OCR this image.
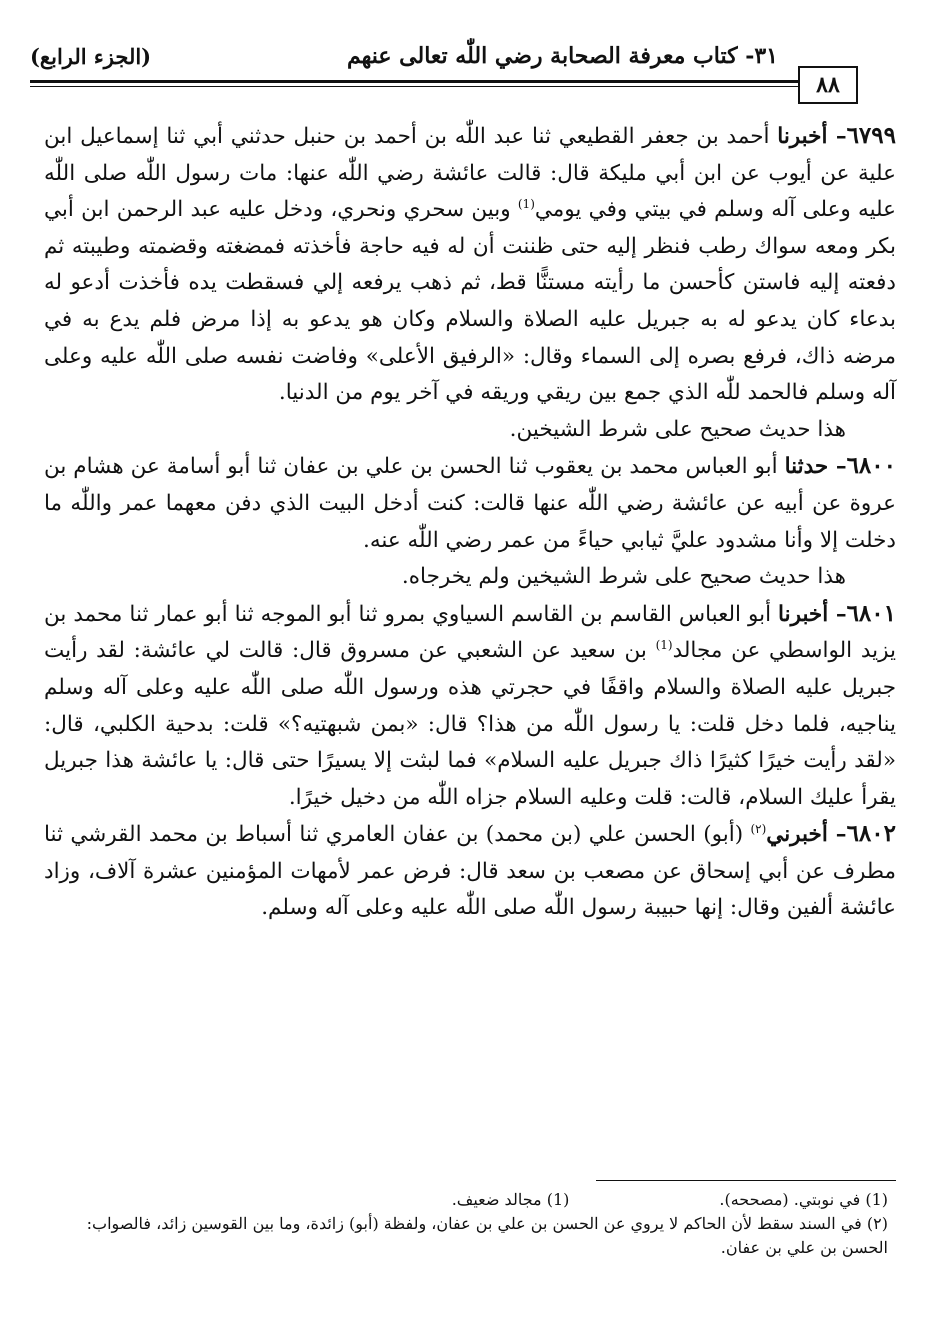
٣١- كتاب معرفة الصحابة رضي اللّٰه تعالى عنهم
(الجزء الرابع)
٨٨

٦٧٩٩– أخبرنا أحمد بن جعفر القطيعي ثنا عبد اللّٰه بن أحمد بن حنبل حدثني أبي ثنا إسماعيل ابن علية عن أيوب عن ابن أبي مليكة قال: قالت عائشة رضي اللّٰه عنها: مات رسول اللّٰه صلى اللّٰه عليه وعلى آله وسلم في بيتي وفي يومي$^{(1)}$ وبين سحري ونحري، ودخل عليه عبد الرحمن ابن أبي بكر ومعه سواك رطب فنظر إليه حتى ظننت أن له فيه حاجة فأخذته فمضغته وقضمته وطيبته ثم دفعته إليه فاستن كأحسن ما رأيته مستنًّا قط، ثم ذهب يرفعه إلي فسقطت يده فأخذت أدعو له بدعاء كان يدعو له به جبريل عليه الصلاة والسلام وكان هو يدعو به إذا مرض فلم يدع به في مرضه ذاك، فرفع بصره إلى السماء وقال: «الرفيق الأعلى» وفاضت نفسه صلى اللّٰه عليه وعلى آله وسلم فالحمد للّٰه الذي جمع بين ريقي وريقه في آخر يوم من الدنيا.

هذا حديث صحيح على شرط الشيخين.

٦٨٠٠– حدثنا أبو العباس محمد بن يعقوب ثنا الحسن بن علي بن عفان ثنا أبو أسامة عن هشام بن عروة عن أبيه عن عائشة رضي اللّٰه عنها قالت: كنت أدخل البيت الذي دفن معهما عمر واللّٰه ما دخلت إلا وأنا مشدود عليَّ ثيابي حياءً من عمر رضي اللّٰه عنه.

هذا حديث صحيح على شرط الشيخين ولم يخرجاه.

٦٨٠١– أخبرنا أبو العباس القاسم بن القاسم السياوي بمرو ثنا أبو الموجه ثنا أبو عمار ثنا محمد بن يزيد الواسطي عن مجالد$^{(1)}$ بن سعيد عن الشعبي عن مسروق قال: قالت لي عائشة: لقد رأيت جبريل عليه الصلاة والسلام واقفًا في حجرتي هذه ورسول اللّٰه صلى اللّٰه عليه وعلى آله وسلم يناجيه، فلما دخل قلت: يا رسول اللّٰه من هذا؟ قال: «بمن شبهتيه؟» قلت: بدحية الكلبي، قال: «لقد رأيت خيرًا كثيرًا ذاك جبريل عليه السلام» فما لبثت إلا يسيرًا حتى قال: يا عائشة هذا جبريل يقرأ عليك السلام، قالت: قلت وعليه السلام جزاه اللّٰه من دخيل خيرًا.

٦٨٠٢– أخبرني$^{(٢)}$ (أبو) الحسن علي (بن محمد) بن عفان العامري ثنا أسباط بن محمد القرشي ثنا مطرف عن أبي إسحاق عن مصعب بن سعد قال: فرض عمر لأمهات المؤمنين عشرة آلاف، وزاد عائشة ألفين وقال: إنها حبيبة رسول اللّٰه صلى اللّٰه عليه وعلى آله وسلم.

(1) في نوبتي. (مصححه).
(1) مجالد ضعيف.

(٢) في السند سقط لأن الحاكم لا يروي عن الحسن بن علي بن عفان، ولفظة (أبو) زائدة، وما بين القوسين زائد، فالصواب: الحسن بن علي بن عفان.
